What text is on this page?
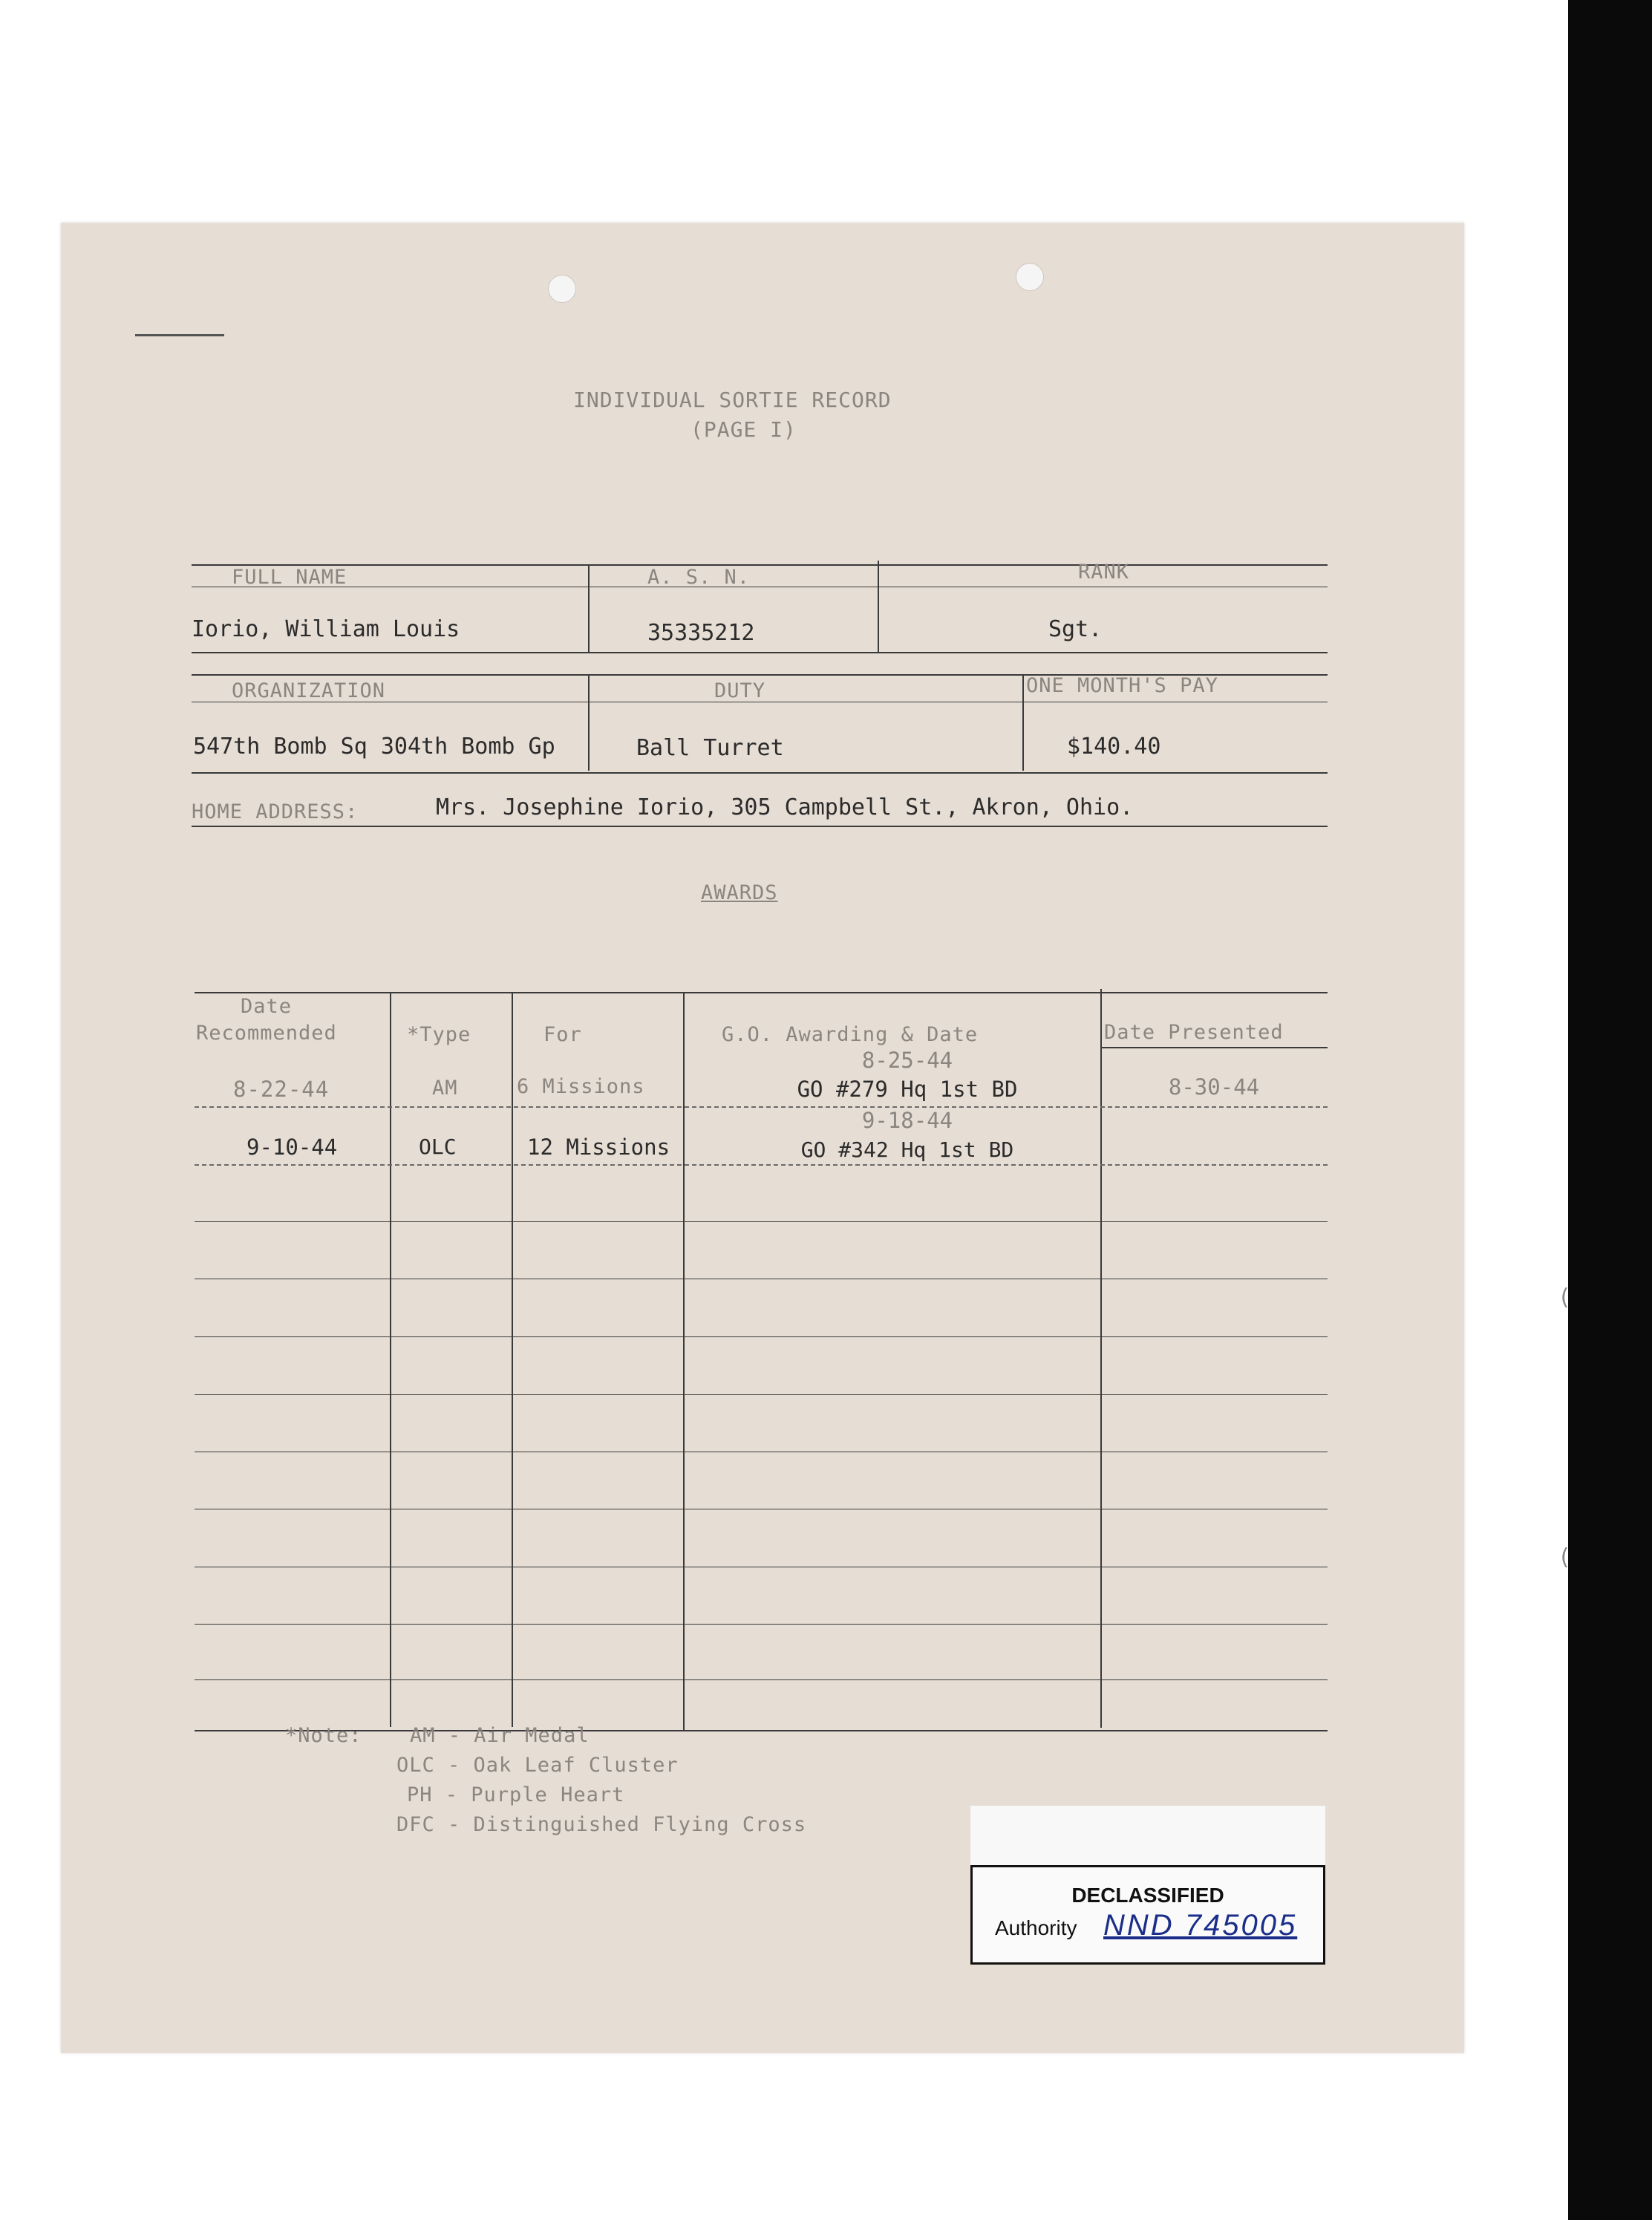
(
(
INDIVIDUAL SORTIE RECORD
(PAGE I)
FULL NAME	A. S. N.	RANK
Iorio, William Louis	35335212	Sgt.
ORGANIZATION	DUTY	ONE MONTH'S PAY
547th Bomb Sq 304th Bomb Gp	Ball Turret	$140.40
HOME ADDRESS:	Mrs. Josephine Iorio, 305 Campbell St., Akron, Ohio.
AWARDS
Date
Recommended	*Type	For	G.O. Awarding & Date	Date Presented
8-25-44
8-22-44	AM	6 Missions	GO #279 Hq 1st BD	8-30-44
9-18-44
9-10-44	OLC	12 Missions	GO #342 Hq 1st BD
*Note: AM - Air Medal
OLC - Oak Leaf Cluster
PH - Purple Heart
DFC - Distinguished Flying Cross
DECLASSIFIED
Authority NND 745005
